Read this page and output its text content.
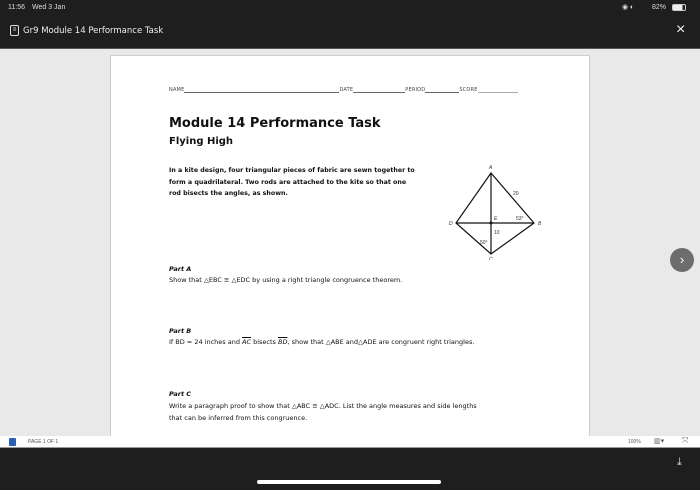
11:56 Wed 3 Jan	◉ ◐	82%
≡ Gr9 Module 14 Performance Task	×
NAME	DATE	PERIOD	SCORE
Module 14 Performance Task
Flying High
In a kite design, four triangular pieces of fabric are sewn together to
form a quadrilateral. Two rods are attached to the kite so that one
rod bisects the angles, as shown.
A
B
C
D
E
20
53°
10
50°
Part A
Show that △EBC ≅ △EDC by using a right triangle congruence theorem.
Part B
If BD = 24 inches and $\overline{AC}$ bisects $\overline{BD}$, show that △ABE and△ADE are congruent right triangles.
Part C
Write a paragraph proof to show that △ABC ≅ △ADC. List the angle measures and side lengths
that can be inferred from this congruence.
›
PAGE 1 OF 1	100% ▥▾ ⤧
⤓
